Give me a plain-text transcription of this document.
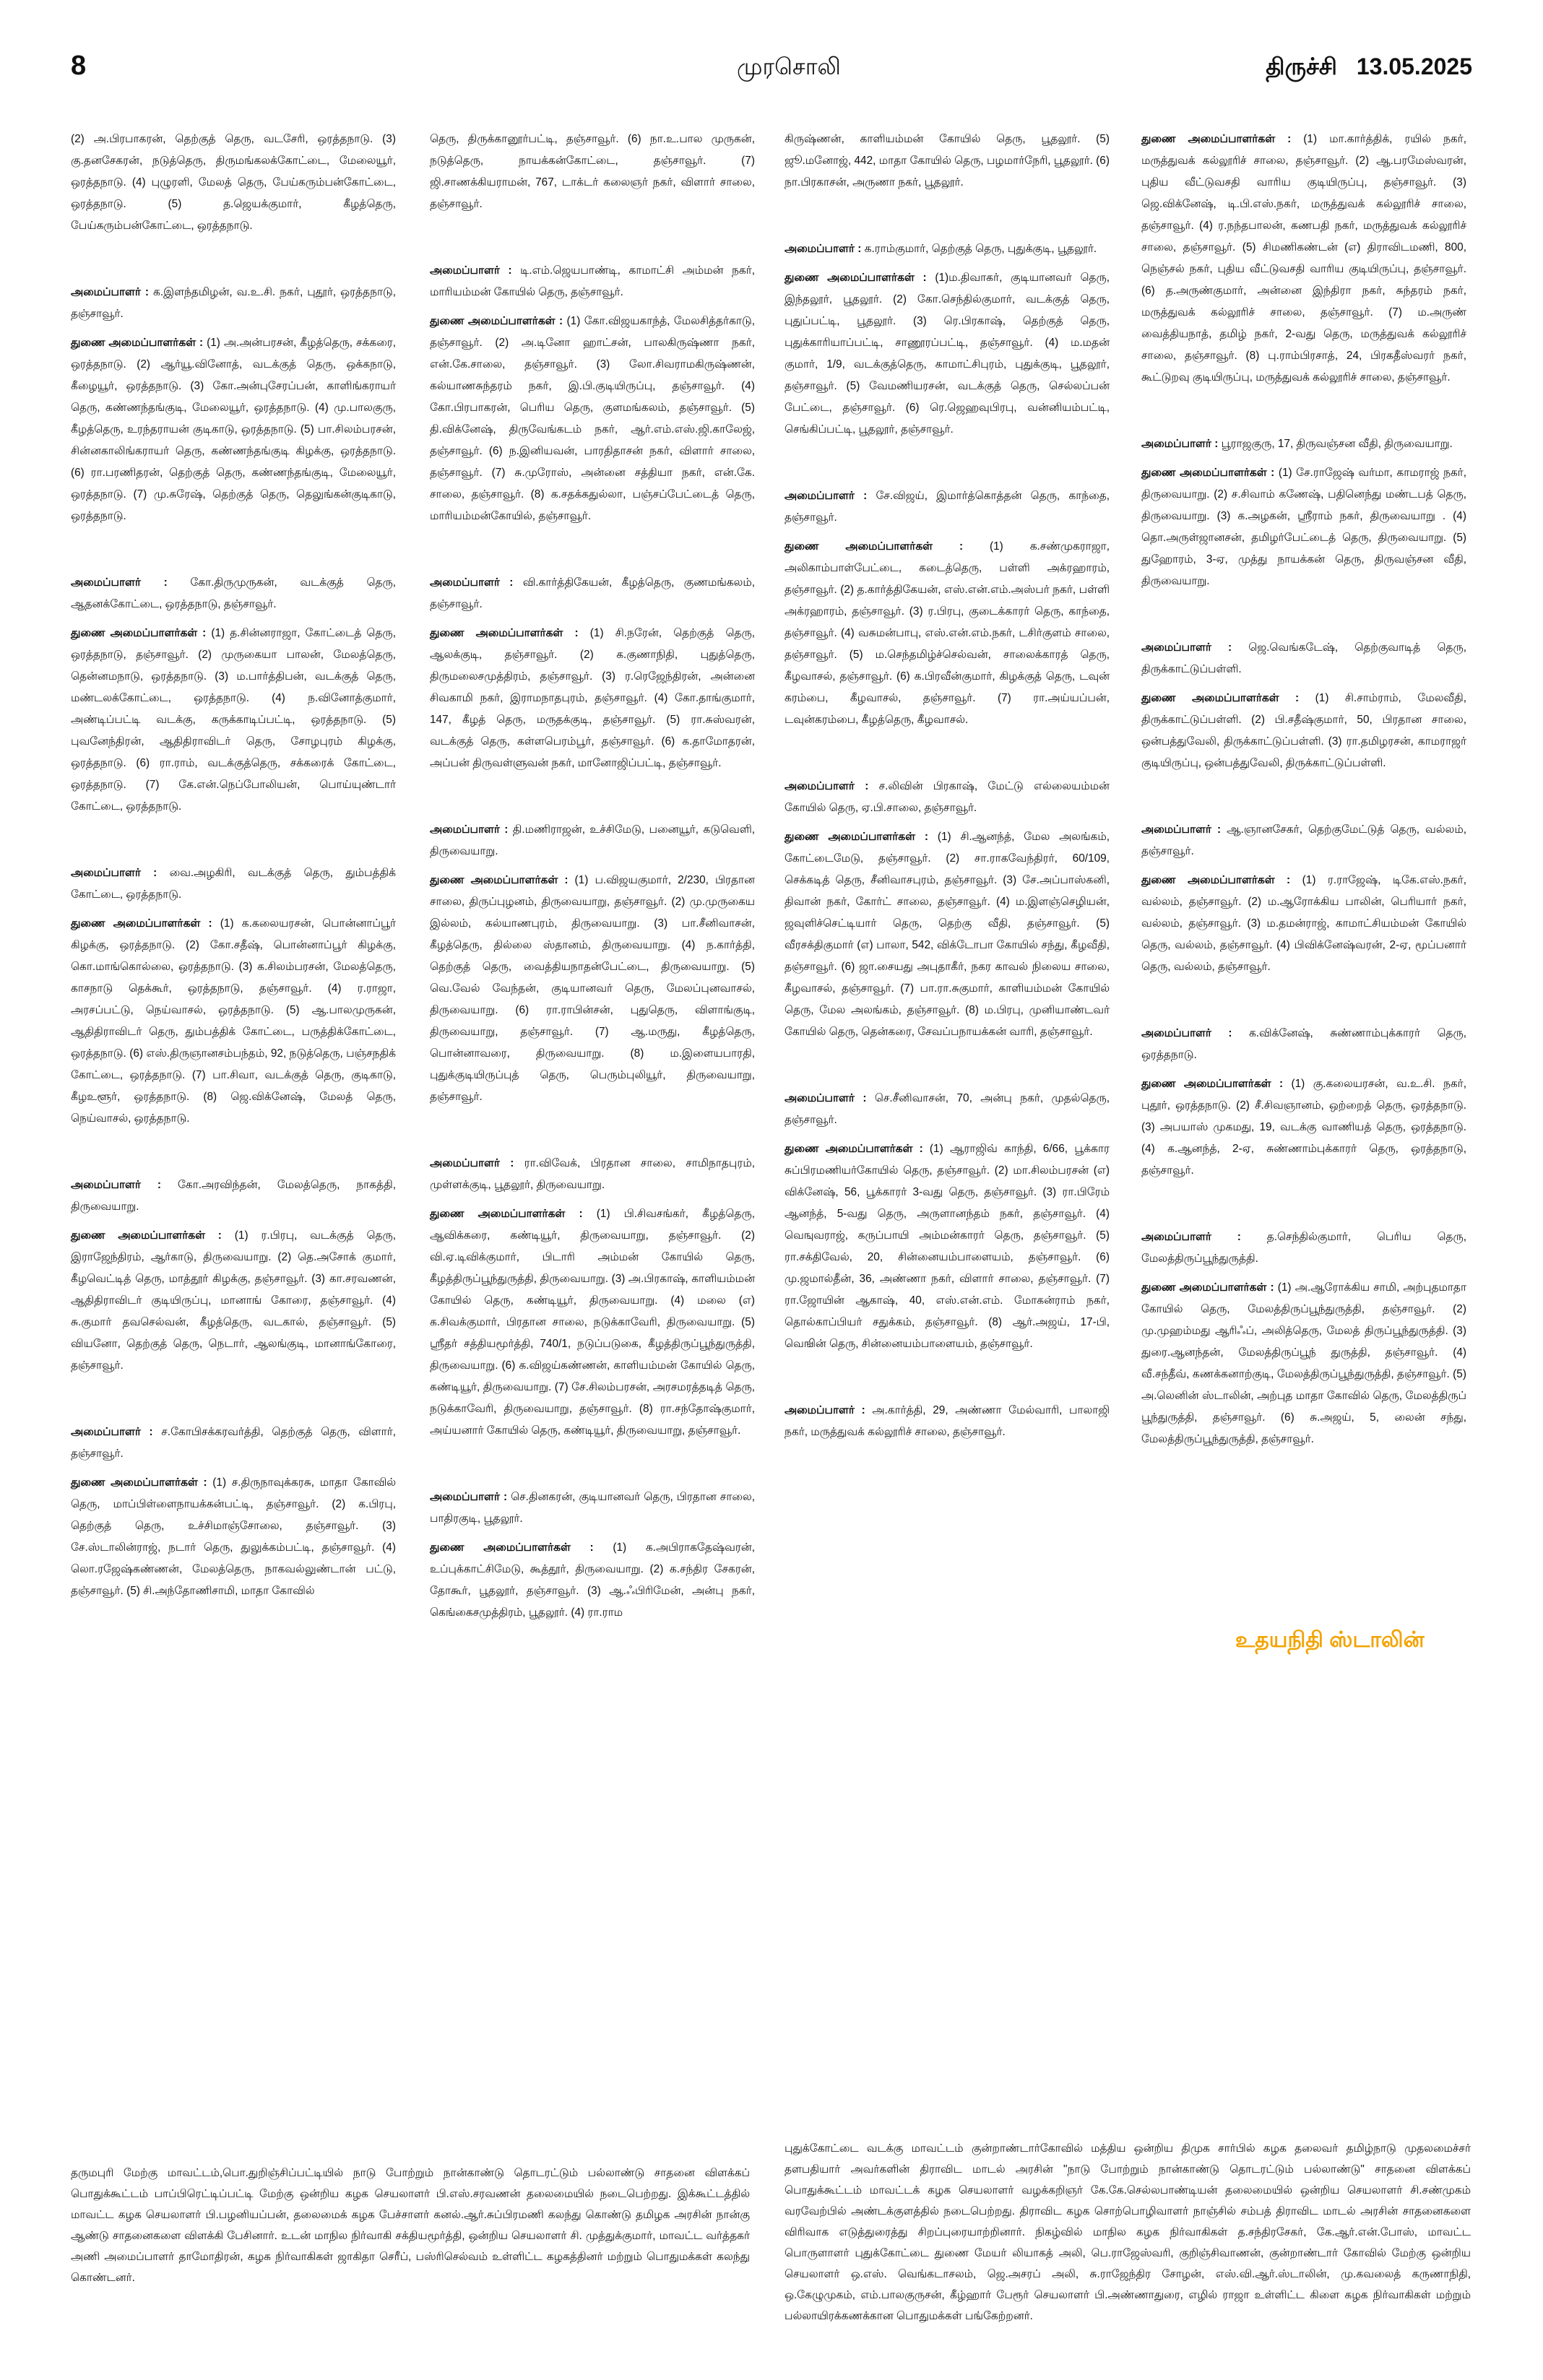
8	முரசொலி	திருச்சி 13.05.2025

(2) அ.பிரபாகரன், தெற்குத் தெரு, வடசேரி, ஒரத்தநாடு. (3) கு.தனசேகரன், நடுத்தெரு, திருமங்கலக்கோட்டை, மேலையூர், ஒரத்தநாடு. (4) புழுரளி, மேலத் தெரு, பேய்கரும்பன்கோட்டை, ஒரத்தநாடு. (5) த.ஜெயக்குமார், கீழத்தெரு, பேய்கரும்பன்கோட்டை, ஒரத்தநாடு.

அமைப்பாளர் : க.இளந்தமிழன், வ.உ.சி. நகர், புதூர், ஒரத்தநாடு, தஞ்சாவூர்.

துணை அமைப்பாளர்கள் : (1) அ.அன்பரசன், கீழத்தெரு, சக்கரை, ஒரத்தநாடு. (2) ஆர்யூ.வினோத், வடக்குத் தெரு, ஒக்கநாடு, கீழையூர், ஒரத்தநாடு. (3) கோ.அன்புசேரப்பன், காளிங்கராயர் தெரு, கண்ணந்தங்குடி, மேலையூர், ஒரத்தநாடு. (4) மு.பாலகுரு, கீழத்தெரு, உரந்தராயன் குடிகாடு, ஒரத்தநாடு. (5) பா.சிலம்பரசன், சின்னகாலிங்கராயர் தெரு, கண்ணந்தங்குடி கிழக்கு, ஒரத்தநாடு. (6) ரா.பரணிதரன், தெற்குத் தெரு, கண்ணந்தங்குடி, மேலையூர், ஒரத்தநாடு. (7) மு.சுரேஷ், தெற்குத் தெரு, தெலுங்கன்குடிகாடு, ஒரத்தநாடு.

அமைப்பாளர் : கோ.திருமுருகன், வடக்குத் தெரு, ஆதனக்கோட்டை, ஒரத்தநாடு, தஞ்சாவூர்.

துணை அமைப்பாளர்கள் : (1) த.சின்னராஜா, கோட்டைத் தெரு, ஒரத்தநாடு, தஞ்சாவூர். (2) முருகையா பாலன், மேலத்தெரு, தென்னமநாடு, ஒரத்தநாடு. (3) ம.பார்த்திபன், வடக்குத் தெரு, மண்டலக்கோட்டை, ஒரத்தநாடு. (4) ந.வினோத்குமார், அண்டிப்பட்டி வடக்கு, கருக்காடிப்பட்டி, ஒரத்தநாடு. (5) புவனேந்திரன், ஆதிதிராவிடர் தெரு, சோழபுரம் கிழக்கு, ஒரத்தநாடு. (6) ரா.ராம், வடக்குத்தெரு, சக்கரைக் கோட்டை, ஒரத்தநாடு. (7) கே.என்.நெப்போலியன், பொய்யுண்டார் கோட்டை, ஒரத்தநாடு.

அமைப்பாளர் : வை.அழகிரி, வடக்குத் தெரு, தும்பத்திக் கோட்டை, ஒரத்தநாடு.

துணை அமைப்பாளர்கள் : (1) க.கலையரசன், பொன்னாப்பூர் கிழக்கு, ஒரத்தநாடு. (2) கோ.சதீஷ், பொன்னாப்பூர் கிழக்கு, கொ.மாங்கொல்லை, ஒரத்தநாடு. (3) க.சிலம்பரசன், மேலத்தெரு, காசநாடு தெக்கூர், ஒரத்தநாடு, தஞ்சாவூர். (4) ர.ராஜா, அரசப்பட்டு, நெய்வாசல், ஒரத்தநாடு. (5) ஆ.பாலமுருகன், ஆதிதிராவிடர் தெரு, தும்பத்திக் கோட்டை, பருத்திக்கோட்டை, ஒரத்தநாடு. (6) எஸ்.திருஞானசம்பந்தம், 92, நடுத்தெரு, பஞ்சநதிக் கோட்டை, ஒரத்தநாடு. (7) பா.சிவா, வடக்குத் தெரு, குடிகாடு, கீழஉளூர், ஒரத்தநாடு. (8) ஜெ.விக்னேஷ், மேலத் தெரு, நெய்வாசல், ஒரத்தநாடு.

அமைப்பாளர் : கோ.அரவிந்தன், மேலத்தெரு, நாகத்தி, திருவையாறு.

துணை அமைப்பாளர்கள் : (1) ர.பிரபு, வடக்குத் தெரு, இராஜேந்திரம், ஆர்காடு, திருவையாறு. (2) தெ.அசோக் குமார், கீழவெட்டித் தெரு, மாத்தூர் கிழக்கு, தஞ்சாவூர். (3) கா.சரவணன், ஆதிதிராவிடர் குடியிருப்பு, மானாங் கோரை, தஞ்சாவூர். (4) சு.குமார் தவசெல்வன், கீழத்தெரு, வடகால், தஞ்சாவூர். (5) வியனோ, தெற்குத் தெரு, நெடார், ஆலங்குடி, மானாங்கோரை, தஞ்சாவூர்.

அமைப்பாளர் : ச.கோபிசக்கரவர்த்தி, தெற்குத் தெரு, விளார், தஞ்சாவூர்.

துணை அமைப்பாளர்கள் : (1) ச.திருநாவுக்கரசு, மாதா கோவில் தெரு, மாப்பிள்ளைநாயக்கன்பட்டி, தஞ்சாவூர். (2) க.பிரபு, தெற்குத் தெரு, உச்சிமாஞ்சோலை, தஞ்சாவூர். (3) சே.ஸ்டாலின்ராஜ், நடார் தெரு, துலுக்கம்பட்டி, தஞ்சாவூர். (4) லொ.ரஜேஷ்கண்ணன், மேலத்தெரு, நாகவல்லுண்டான் பட்டு, தஞ்சாவூர். (5) சி.அந்தோணிசாமி, மாதா கோவில்

தெரு, திருக்கானூர்பட்டி, தஞ்சாவூர். (6) நா.உ.பால முருகன், நடுத்தெரு, நாயக்கன்கோட்டை, தஞ்சாவூர். (7) ஜி.சாணக்கியராமன், 767, டாக்டர் கலைஞர் நகர், விளார் சாலை, தஞ்சாவூர்.

அமைப்பாளர் : டி.எம்.ஜெயபாண்டி, காமாட்சி அம்மன் நகர், மாரியம்மன் கோயில் தெரு, தஞ்சாவூர்.

துணை அமைப்பாளர்கள் : (1) கோ.விஜயகாந்த், மேலசித்தர்காடு, தஞ்சாவூர். (2) அ.டினோ ஹாட்சன், பாலகிருஷ்ணா நகர், என்.கே.சாலை, தஞ்சாவூர். (3) லோ.சிவராமகிருஷ்ணன், கல்யாணசுந்தரம் நகர், இ.பி.குடியிருப்பு, தஞ்சாவூர். (4) கோ.பிரபாகரன், பெரிய தெரு, குளமங்கலம், தஞ்சாவூர். (5) தி.விக்னேஷ், திருவேங்கடம் நகர், ஆர்.எம்.எஸ்.ஜி.காலேஜ், தஞ்சாவூர். (6) ந.இனியவன், பாரதிதாசன் நகர், விளார் சாலை, தஞ்சாவூர். (7) சு.முரோஸ், அன்னை சத்தியா நகர், என்.கே. சாலை, தஞ்சாவூர். (8) க.சதக்கதுல்லா, பஞ்சப்பேட்டைத் தெரு, மாரியம்மன்கோயில், தஞ்சாவூர்.

அமைப்பாளர் : வி.கார்த்திகேயன், கீழத்தெரு, குணமங்கலம், தஞ்சாவூர்.

துணை அமைப்பாளர்கள் : (1) சி.நரேன், தெற்குத் தெரு, ஆலக்குடி, தஞ்சாவூர். (2) க.குணாநிதி, புதுத்தெரு, திருமலைசமுத்திரம், தஞ்சாவூர். (3) ர.ரெஜேந்திரன், அன்னை சிவகாமி நகர், இராமநாதபுரம், தஞ்சாவூர். (4) கோ.தாங்குமார், 147, கீழத் தெரு, மருதக்குடி, தஞ்சாவூர். (5) ரா.சுஸ்வரன், வடக்குத் தெரு, கள்ளபெரம்பூர், தஞ்சாவூர். (6) க.தாமோதரன், அப்பன் திருவள்ளுவன் நகர், மானோஜிப்பட்டி, தஞ்சாவூர்.

அமைப்பாளர் : தி.மணிராஜன், உச்சிமேடு, பனையூர், கடுவெளி, திருவையாறு.

துணை அமைப்பாளர்கள் : (1) ப.விஜயகுமார், 2/230, பிரதான சாலை, திருப்புழனம், திருவையாறு, தஞ்சாவூர். (2) மு.முருகைய இல்லம், கல்யாணபுரம், திருவையாறு. (3) பா.சீனிவாசன், கீழத்தெரு, தில்லை ஸ்தானம், திருவையாறு. (4) ந.கார்த்தி, தெற்குத் தெரு, வைத்தியநாதன்பேட்டை, திருவையாறு. (5) வெ.வேல் வேந்தன், குடியானவர் தெரு, மேலப்புனவாசல், திருவையாறு. (6) ரா.ராபின்சன், புதுதெரு, விளாங்குடி, திருவையாறு, தஞ்சாவூர். (7) ஆ.மருது, கீழத்தெரு, பொன்னாவரை, திருவையாறு. (8) ம.இளையபாரதி, புதுக்குடியிருப்புத் தெரு, பெரும்புலியூர், திருவையாறு, தஞ்சாவூர்.

அமைப்பாளர் : ரா.விவேக், பிரதான சாலை, சாமிநாதபுரம், முள்ளக்குடி, பூதலூர், திருவையாறு.

துணை அமைப்பாளர்கள் : (1) பி.சிவசங்கர், கீழத்தெரு, ஆவிக்கரை, கண்டியூர், திருவையாறு, தஞ்சாவூர். (2) வி.ஏ.டிவிக்குமார், பிடாரி அம்மன் கோயில் தெரு, கீழத்திருப்பூந்துருத்தி, திருவையாறு. (3) அ.பிரகாஷ், காளியம்மன் கோயில் தெரு, கண்டியூர், திருவையாறு. (4) மலை (எ) க.சிவக்குமார், பிரதான சாலை, நடுக்காவேரி, திருவையாறு. (5) ஸ்ரீதர் சத்தியமூர்த்தி, 740/1, நடுப்படுகை, கீழத்திருப்பூந்துருத்தி, திருவையாறு. (6) க.விஜய்கண்ணன், காளியம்மன் கோயில் தெரு, கண்டியூர், திருவையாறு. (7) சே.சிலம்பரசன், அரசமரத்தடித் தெரு, நடுக்காவேரி, திருவையாறு, தஞ்சாவூர். (8) ரா.சந்தோஷ்குமார், அய்யனார் கோயில் தெரு, கண்டியூர், திருவையாறு, தஞ்சாவூர்.

அமைப்பாளர் : செ.தினகரன், குடியானவர் தெரு, பிரதான சாலை, பாதிரகுடி, பூதலூர்.

துணை அமைப்பாளர்கள் : (1) க.அபிராகதேஷ்வரன், உப்புக்காட்சிமேடு, கூத்தூர், திருவையாறு. (2) க.சந்திர சேகரன், தோகூர், பூதலூர், தஞ்சாவூர். (3) ஆ.ஃபிரிமேன், அன்பு நகர், கெங்கைசமுத்திரம், பூதலூர். (4) ரா.ராம

கிருஷ்ணன், காளியம்மன் கோயில் தெரு, பூதலூர். (5) ஜூ.மனோஜ், 442, மாதா கோயில் தெரு, பழமார்நேரி, பூதலூர். (6) நா.பிரகாசன், அருணா நகர், பூதலூர்.

அமைப்பாளர் : க.ராம்குமார், தெற்குத் தெரு, புதுக்குடி, பூதலூர்.

துணை அமைப்பாளர்கள் : (1)ம.திவாகர், குடியானவர் தெரு, இந்தலூர், பூதலூர். (2) கோ.செந்தில்குமார், வடக்குத் தெரு, புதுப்பட்டி, பூதலூர். (3) ரெ.பிரகாஷ், தெற்குத் தெரு, புதுக்காரியாப்பட்டி, சாணூரப்பட்டி, தஞ்சாவூர். (4) ம.மதன் குமார், 1/9, வடக்குத்தெரு, காமாட்சிபுரம், புதுக்குடி, பூதலூர், தஞ்சாவூர். (5) வேமணியரசன், வடக்குத் தெரு, செல்லப்பன் பேட்டை, தஞ்சாவூர். (6) ரெ.ஜெஹவுபிரபு, வன்னியம்பட்டி, செங்கிப்பட்டி, பூதலூர், தஞ்சாவூர்.

அமைப்பாளர் : சே.விஜய், இமார்த்கொத்தன் தெரு, காந்தை, தஞ்சாவூர்.

துணை அமைப்பாளர்கள் : (1) க.சண்முகராஜா, அலிகாம்பாள்பேட்டை, கடைத்தெரு, பள்ளி அக்ரஹாரம், தஞ்சாவூர். (2) த.கார்த்திகேயன், எஸ்.என்.எம்.அஸ்பர் நகர், பள்ளி அக்ரஹாரம், தஞ்சாவூர். (3) ர.பிரபு, குடைக்காரர் தெரு, காந்தை, தஞ்சாவூர். (4) வசுமன்பாபு, எஸ்.என்.எம்.நகர், டசிர்குளம் சாலை, தஞ்சாவூர். (5) ம.செந்தமிழ்ச்செல்வன், சாலைக்காரத் தெரு, கீழவாசல், தஞ்சாவூர். (6) க.பிரவீன்குமார், கிழக்குத் தெரு, டவுன் கரம்பை, கீழவாசல், தஞ்சாவூர். (7) ரா.அய்யப்பன், டவுன்கரம்பை, கீழத்தெரு, கீழவாசல்.

அமைப்பாளர் : ச.லிவின் பிரகாஷ், மேட்டு எல்லையம்மன் கோயில் தெரு, ஏ.பி.சாலை, தஞ்சாவூர்.

துணை அமைப்பாளர்கள் : (1) சி.ஆனந்த், மேல அலங்கம், கோட்டைமேடு, தஞ்சாவூர். (2) சா.ராகவேந்திரர், 60/109, செக்கடித் தெரு, சீனிவாசபுரம், தஞ்சாவூர். (3) சே.அப்பாஸ்கனி, திவான் நகர், கோர்ட் சாலை, தஞ்சாவூர். (4) ம.இளஞ்செழியன், ஜவுளிச்செட்டியார் தெரு, தெற்கு வீதி, தஞ்சாவூர். (5) வீரசக்திகுமார் (எ) பாலா, 542, விக்டோபா கோயில் சந்து, கீழவீதி, தஞ்சாவூர். (6) ஜா.சையது அபுதாகீர், நகர காவல் நிலைய சாலை, கீழவாசல், தஞ்சாவூர். (7) பா.ரா.சுகுமார், காளியம்மன் கோயில் தெரு, மேல அலங்கம், தஞ்சாவூர். (8) ம.பிரபு, முனியாண்டவர் கோயில் தெரு, தென்கரை, சேவப்பநாயக்கன் வாரி, தஞ்சாவூர்.

அமைப்பாளர் : செ.சீனிவாசன், 70, அன்பு நகர், முதல்தெரு, தஞ்சாவூர்.

துணை அமைப்பாளர்கள் : (1) ஆராஜிவ் காந்தி, 6/66, பூக்கார சுப்பிரமணியர்கோயில் தெரு, தஞ்சாவூர். (2) மா.சிலம்பரசன் (எ) விக்னேஷ், 56, பூக்காரர் 3-வது தெரு, தஞ்சாவூர். (3) ரா.பிரேம் ஆனந்த், 5-வது தெரு, அருளானந்தம் நகர், தஞ்சாவூர். (4) வெஙுவராஜ், கருப்பாயி அம்மன்காரர் தெரு, தஞ்சாவூர். (5) ரா.சக்திவேல், 20, சின்னையம்பாளையம், தஞ்சாவூர். (6) மு.ஜமால்தீன், 36, அண்ணா நகர், விளார் சாலை, தஞ்சாவூர். (7) ரா.ஜோயின் ஆகாஷ், 40, எஸ்.என்.எம். மோகன்ராம் நகர், தொல்காப்பியர் சதுக்கம், தஞ்சாவூர். (8) ஆர்.அஜய், 17-பி, வெஙின் தெரு, சின்னையம்பாளையம், தஞ்சாவூர்.

அமைப்பாளர் : அ.கார்த்தி, 29, அண்ணா மேல்வாரி, பாலாஜி நகர், மருத்துவக் கல்லூரிச் சாலை, தஞ்சாவூர்.

துணை அமைப்பாளர்கள் : (1) மா.கார்த்திக், ரயில் நகர், மருத்துவக் கல்லூரிச் சாலை, தஞ்சாவூர். (2) ஆ.பரமேஸ்வரன், புதிய வீட்டுவசதி வாரிய குடியிருப்பு, தஞ்சாவூர். (3) ஜெ.விக்னேஷ், டி.பி.எஸ்.நகர், மருத்துவக் கல்லூரிச் சாலை, தஞ்சாவூர். (4) ர.நந்தபாலன், கணபதி நகர், மருத்துவக் கல்லூரிச் சாலை, தஞ்சாவூர். (5) சிமணிகண்டன் (எ) திராவிடமணி, 800, நெஞ்சல் நகர், புதிய வீட்டுவசதி வாரிய குடியிருப்பு, தஞ்சாவூர். (6) த.அருண்குமார், அன்னை இந்திரா நகர், சுந்தரம் நகர், மருத்துவக் கல்லூரிச் சாலை, தஞ்சாவூர். (7) ம.அருண் வைத்தியநாத், தமிழ் நகர், 2-வது தெரு, மருத்துவக் கல்லூரிச் சாலை, தஞ்சாவூர். (8) பு.ராம்பிரசாத், 24, பிரகதீஸ்வரர் நகர், கூட்டுறவு குடியிருப்பு, மருத்துவக் கல்லூரிச் சாலை, தஞ்சாவூர்.

அமைப்பாளர் : பூராஜகுரு, 17, திருவஞ்சன வீதி, திருவையாறு.

துணை அமைப்பாளர்கள் : (1) சே.ராஜேஷ் வர்மா, காமராஜ் நகர், திருவையாறு. (2) ச.சிவாம் கணேஷ், பதினெந்து மண்டபத் தெரு, திருவையாறு. (3) க.அழகன், ஸ்ரீராம் நகர், திருவையாறு . (4) தொ.அருள்ஜானசன், தமிழர்பேட்டைத் தெரு, திருவையாறு. (5) துஹோரம், 3-ஏ, முத்து நாயக்கன் தெரு, திருவஞ்சன வீதி, திருவையாறு.

அமைப்பாளர் : ஜெ.வெங்கடேஷ், தெற்குவாடித் தெரு, திருக்காட்டுப்பள்ளி.

துணை அமைப்பாளர்கள் : (1) சி.சாம்ராம், மேலவீதி, திருக்காட்டுப்பள்ளி. (2) பி.சதீஷ்குமார், 50, பிரதான சாலை, ஒன்பத்துவேலி, திருக்காட்டுப்பள்ளி. (3) ரா.தமிழரசன், காமராஜர் குடியிருப்பு, ஒன்பத்துவேலி, திருக்காட்டுப்பள்ளி.

அமைப்பாளர் : ஆ.ஞானசேகர், தெற்குமேட்டுத் தெரு, வல்லம், தஞ்சாவூர்.

துணை அமைப்பாளர்கள் : (1) ர.ராஜேஷ், டிகே.எஸ்.நகர், வல்லம், தஞ்சாவூர். (2) ம.ஆரோக்கிய பாலின், பெரியார் நகர், வல்லம், தஞ்சாவூர். (3) ம.தமன்ராஜ், காமாட்சியம்மன் கோயில் தெரு, வல்லம், தஞ்சாவூர். (4) பிவிக்னேஷ்வரன், 2-ஏ, மூப்பனார் தெரு, வல்லம், தஞ்சாவூர்.

அமைப்பாளர் : க.விக்னேஷ், சுண்ணாம்புக்காரர் தெரு, ஒரத்தநாடு.

துணை அமைப்பாளர்கள் : (1) கு.கலையரசன், வ.உ.சி. நகர், புதூர், ஒரத்தநாடு. (2) சீ.சிவஞானம், ஒற்றைத் தெரு, ஒரத்தநாடு. (3) அபயாஸ் முகமது, 19, வடக்கு வாணியத் தெரு, ஒரத்தநாடு. (4) க.ஆனந்த், 2-ஏ, சுண்ணாம்புக்காரர் தெரு, ஒரத்தநாடு, தஞ்சாவூர்.

அமைப்பாளர் : த.செந்தில்குமார், பெரிய தெரு, மேலத்திருப்பூந்துருத்தி.

துணை அமைப்பாளர்கள் : (1) அ.ஆரோக்கிய சாமி, அற்புதமாதா கோயில் தெரு, மேலத்திருப்பூந்துருத்தி, தஞ்சாவூர். (2) மு.முஹம்மது ஆரிஃப், அலித்தெரு, மேலத் திருப்பூந்துருத்தி. (3) துரை.ஆனந்தன், மேலத்திருப்பூந் துருத்தி, தஞ்சாவூர். (4) வீ.சந்தீவ், கணக்கனாற்குடி, மேலத்திருப்பூந்துருத்தி, தஞ்சாவூர். (5) அ.லெனின் ஸ்டாலின், அற்புத மாதா கோவில் தெரு, மேலத்திருப் பூந்துருத்தி, தஞ்சாவூர். (6) சு.அஜய், 5, லைன் சந்து, மேலத்திருப்பூந்துருத்தி, தஞ்சாவூர்.

உதயநிதி ஸ்டாலின்
தருமபுரி மேற்கு மாவட்டம்,பொ.துறிஞ்சிப்பட்டியில் நாடு போற்றும் நான்காண்டு தொடரட்டும் பல்லாண்டு சாதனை விளக்கப் பொதுக்கூட்டம் பாப்பிரெட்டிப்பட்டி மேற்கு ஒன்றிய கழக செயலாளர் பி.எஸ்.சரவணன் தலைமையில் நடைபெற்றது. இக்கூட்டத்தில் மாவட்ட கழக செயலாளர் பி.பழனியப்பன், தலைமைக் கழக பேச்சாளர் கனல்.ஆர்.சுப்பிரமணி கலந்து கொண்டு தமிழக அரசின் நான்கு ஆண்டு சாதனைகளை விளக்கி பேசினார். உடன் மாநில நிர்வாகி சக்தியமூர்த்தி, ஒன்றிய செயலாளர் சி. முத்துக்குமார், மாவட்ட வர்த்தகர் அணி அமைப்பாளர் தாமோதிரன், கழக நிர்வாகிகள் ஜாகிதா செரீப், பஸ்ரிசெல்வம் உள்ளிட்ட கழகத்தினர் மற்றும் பொதுமக்கள் கலந்து கொண்டனர்.
புதுக்கோட்டை வடக்கு மாவட்டம் குன்றாண்டார்கோவில் மத்திய ஒன்றிய திமுக சார்பில் கழக தலைவர் தமிழ்நாடு முதலமைச்சர் தளபதியார் அவர்களின் திராவிட மாடல் அரசின் "நாடு போற்றும் நான்காண்டு தொடரட்டும் பல்லாண்டு" சாதனை விளக்கப் பொதுக்கூட்டம் மாவட்டக் கழக செயலாளர் வழக்கறிஞர் கே.கே.செல்லபாண்டியன் தலைமையில் ஒன்றிய செயலாளர் சி.சண்முகம் வரவேற்பில் அண்டக்குளத்தில் நடைபெற்றது. திராவிட கழக சொற்பொழிவாளர் நாஞ்சில் சம்பத் திராவிட மாடல் அரசின் சாதனைகளை விரிவாக எடுத்துரைத்து சிறப்புரையாற்றினார். நிகழ்வில் மாநில கழக நிர்வாகிகள் த.சந்திரசேகர், கே.ஆர்.என்.போஸ், மாவட்ட பொருளாளர் புதுக்கோட்டை துணை மேயர் லியாகத் அலி, பெ.ராஜேஸ்வரி, குறிஞ்சிவாணன், குன்றாண்டார் கோவில் மேற்கு ஒன்றிய செயலாளர் ஒ.எஸ். வெங்கடாசலம், ஜெ.அசரப் அலி, சு.ராஜேந்திர சோழன், எஸ்.வி.ஆர்.ஸ்டாலின், மு.கவலைத் கருணாநிதி, ஒ.கேழுமுகம், எம்.பாலகுருசன், கீழ்ஹார் பேரூர் செயலாளர் பி.அண்ணாதுரை, எழில் ராஜா உள்ளிட்ட கிளை கழக நிர்வாகிகள் மற்றும் பல்லாயிரக்கணக்கான பொதுமக்கள் பங்கேற்றனர்.
